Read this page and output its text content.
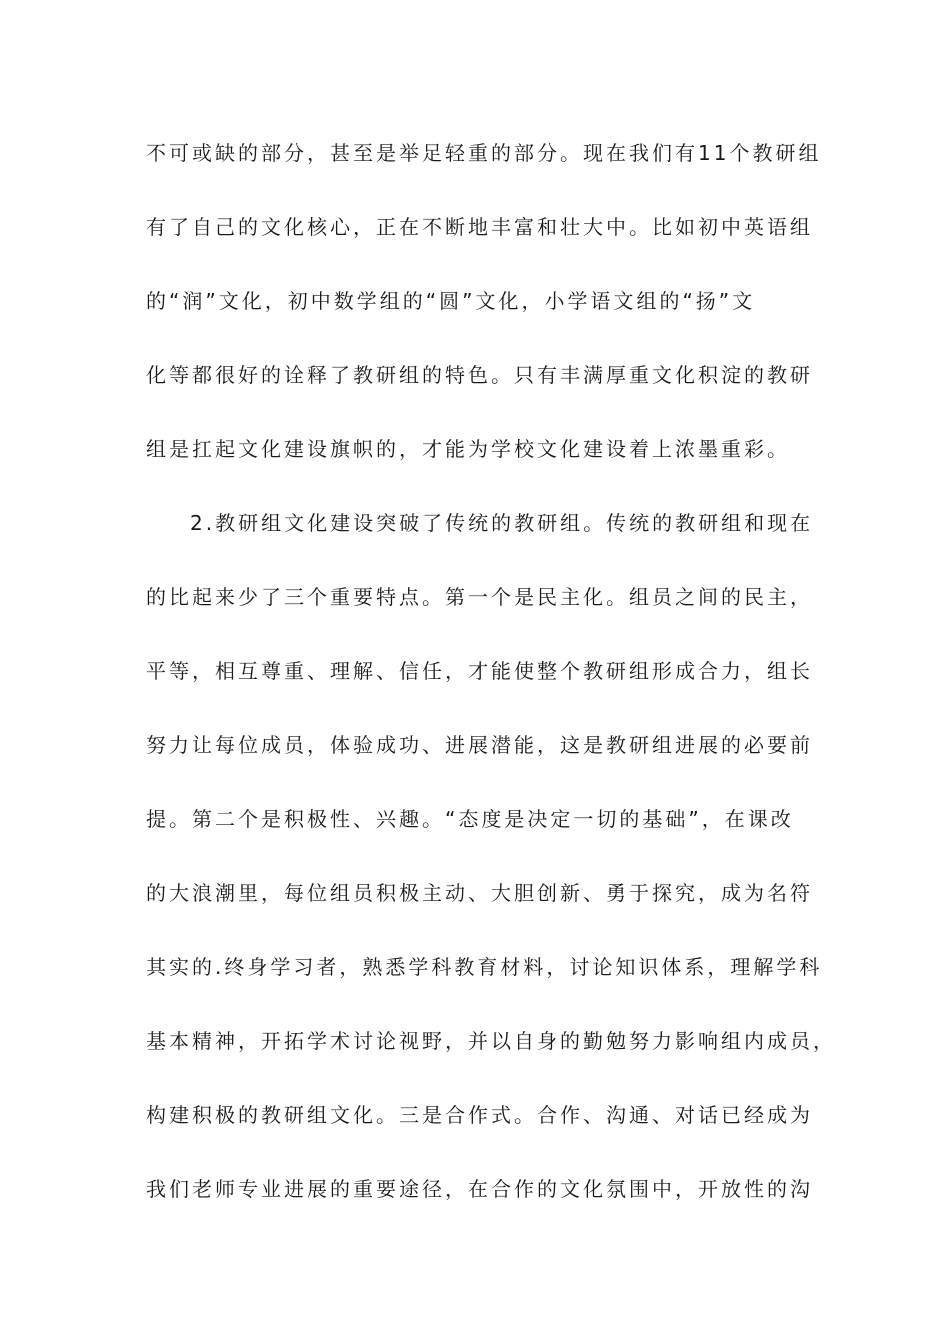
不可或缺的部分，甚至是举足轻重的部分。现在我们有11个教研组
有了自己的文化核心，正在不断地丰富和壮大中。比如初中英语组
的“润”文化，初中数学组的“圆”文化，小学语文组的“扬”文
化等都很好的诠释了教研组的特色。只有丰满厚重文化积淀的教研
组是扛起文化建设旗帜的，才能为学校文化建设着上浓墨重彩。
2.教研组文化建设突破了传统的教研组。传统的教研组和现在
的比起来少了三个重要特点。第一个是民主化。组员之间的民主，
平等，相互尊重、理解、信任，才能使整个教研组形成合力，组长
努力让每位成员，体验成功、进展潜能，这是教研组进展的必要前
提。第二个是积极性、兴趣。“态度是决定一切的基础”，在课改
的大浪潮里，每位组员积极主动、大胆创新、勇于探究，成为名符
其实的.终身学习者，熟悉学科教育材料，讨论知识体系，理解学科
基本精神，开拓学术讨论视野，并以自身的勤勉努力影响组内成员，
构建积极的教研组文化。三是合作式。合作、沟通、对话已经成为
我们老师专业进展的重要途径，在合作的文化氛围中，开放性的沟
